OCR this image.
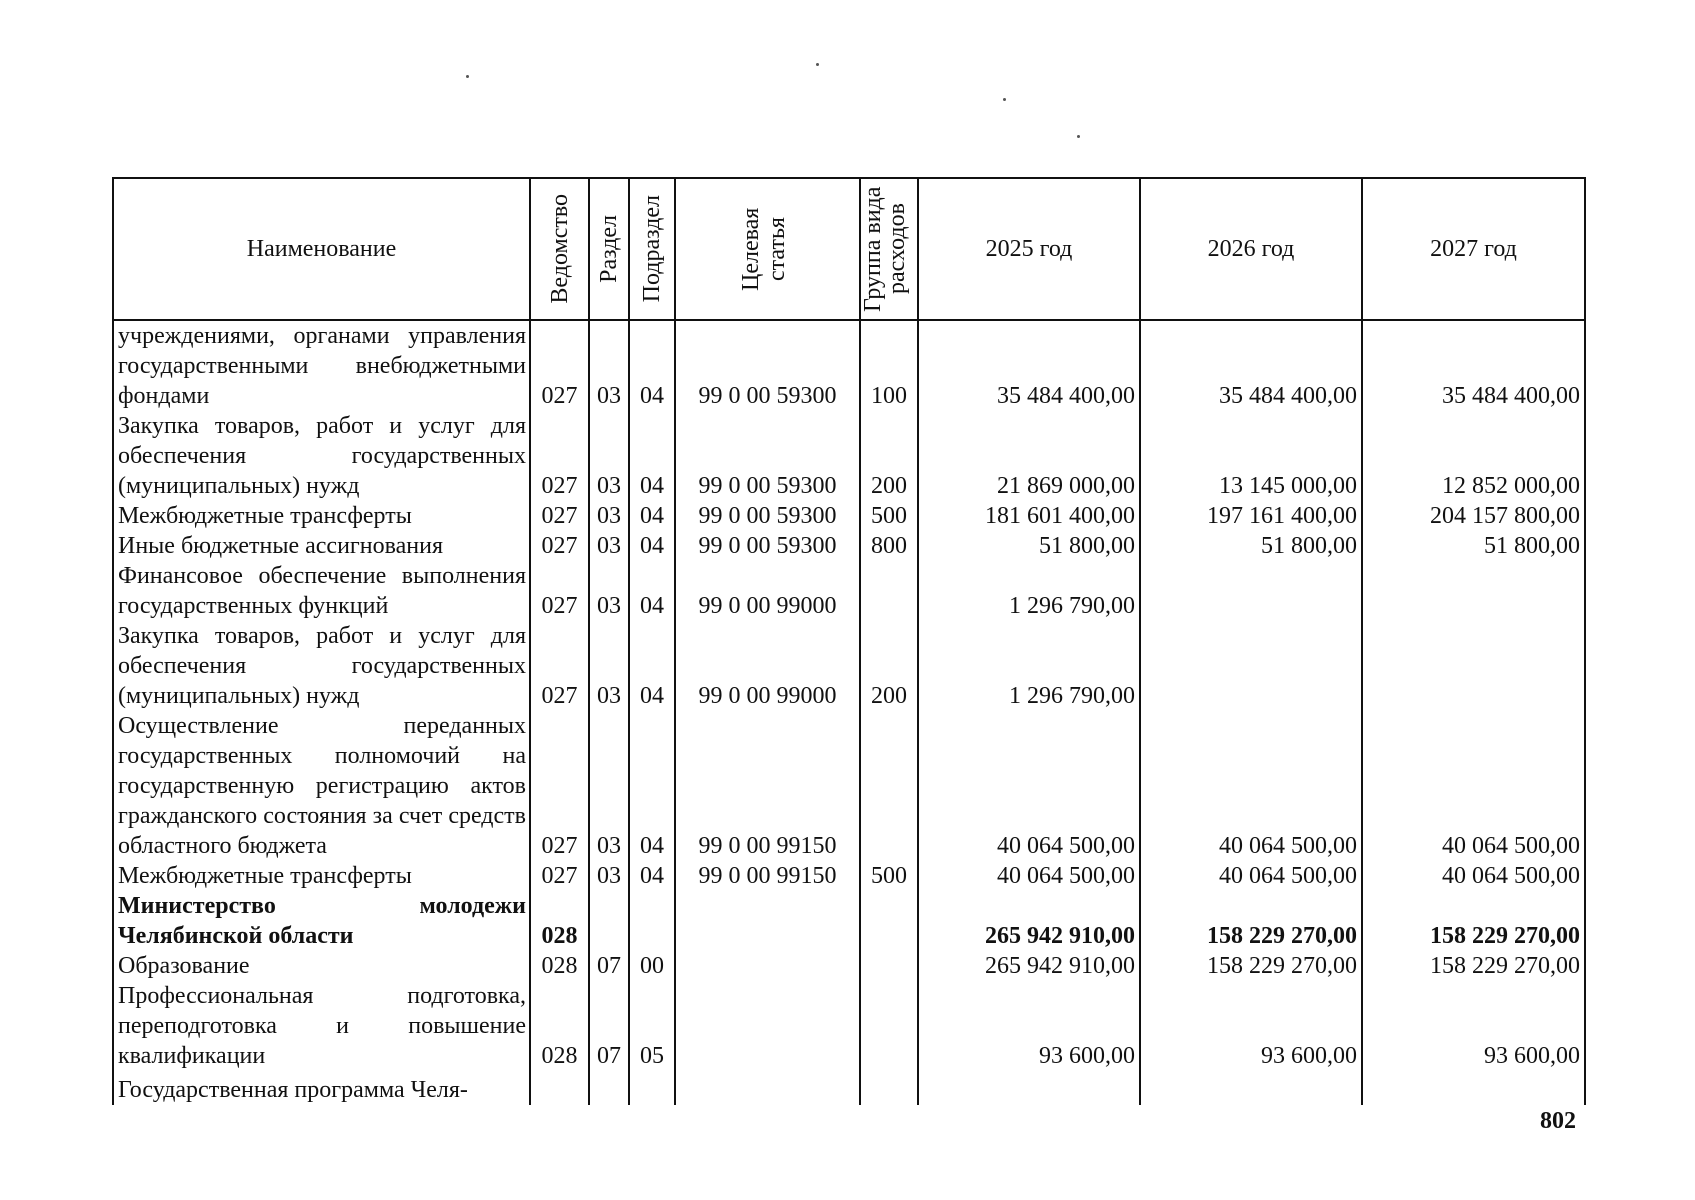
Наименование	Ведомство	Раздел	Подраздел	Целевая статья	Группа вида расходов	2025 год	2026 год	2027 год
учреждениями, органами управления государственными внебюджетными фондами	027	03	04	99 0 00 59300	100	35 484 400,00	35 484 400,00	35 484 400,00
Закупка товаров, работ и услуг для обеспечения государственных (муниципальных) нужд	027	03	04	99 0 00 59300	200	21 869 000,00	13 145 000,00	12 852 000,00
Межбюджетные трансферты	027	03	04	99 0 00 59300	500	181 601 400,00	197 161 400,00	204 157 800,00
Иные бюджетные ассигнования	027	03	04	99 0 00 59300	800	51 800,00	51 800,00	51 800,00
Финансовое обеспечение выполнения государственных функций	027	03	04	99 0 00 99000		1 296 790,00		
Закупка товаров, работ и услуг для обеспечения государственных (муниципальных) нужд	027	03	04	99 0 00 99000	200	1 296 790,00		
Осуществление переданных государственных полномочий на государственную регистрацию актов гражданского состояния за счет средств областного бюджета	027	03	04	99 0 00 99150		40 064 500,00	40 064 500,00	40 064 500,00
Межбюджетные трансферты	027	03	04	99 0 00 99150	500	40 064 500,00	40 064 500,00	40 064 500,00
Министерство молодежи Челябинской области	028					265 942 910,00	158 229 270,00	158 229 270,00
Образование	028	07	00			265 942 910,00	158 229 270,00	158 229 270,00
Профессиональная подготовка, переподготовка и повышение квалификации	028	07	05			93 600,00	93 600,00	93 600,00
Государственная программа Челя-								
802
